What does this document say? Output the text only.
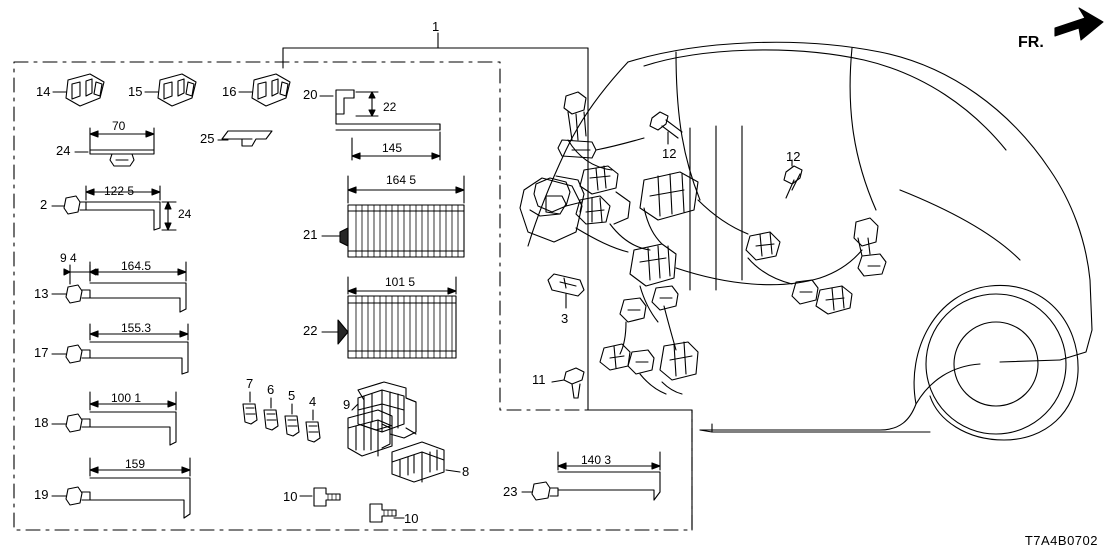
FR.
1
14	15	16	20
24
25
2
21
13
22
17
18
19
7 6 5 4 9
8
10
10
23
11
3
12	12
70
22
145
122 5
24
164 5
9 4
164.5
101 5
155.3
100 1
159	140 3
T7A4B0702
